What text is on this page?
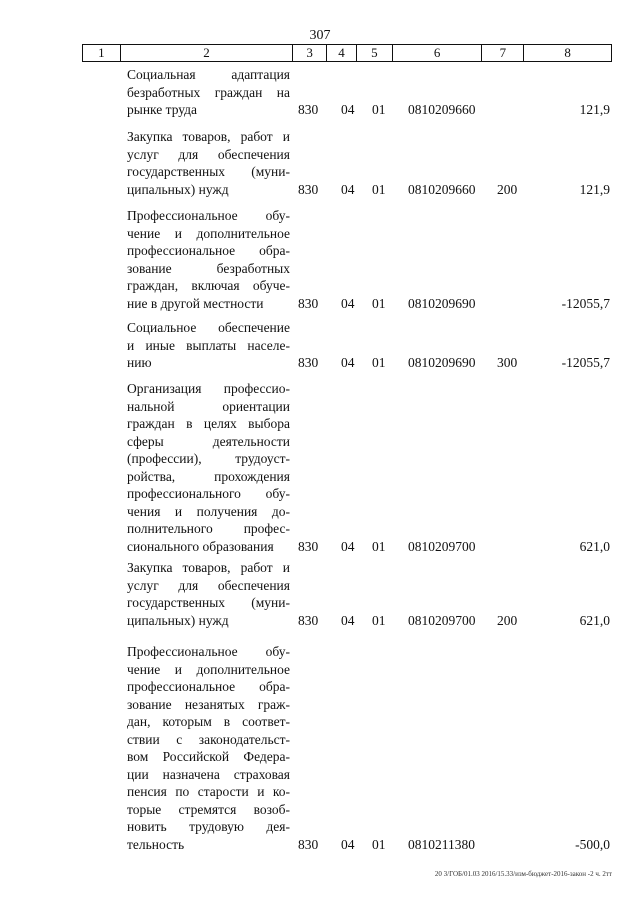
307
1	2	3	4	5	6	7	8
Социальная адаптация
безработных граждан на
рынке труда	830 04 01 0810209660	121,9
Закупка товаров, работ и
услуг для обеспечения
государственных (муни-
ципальных) нужд	830 04 01 0810209660 200	121,9
Профессиональное обу-
чение и дополнительное
профессиональное обра-
зование безработных
граждан, включая обуче-
ние в другой местности	830 04 01 0810209690	-12055,7
Социальное обеспечение
и иные выплаты населе-
нию	830 04 01 0810209690 300	-12055,7
Организация профессио-
нальной ориентации
граждан в целях выбора
сферы деятельности
(профессии), трудоуст-
ройства, прохождения
профессионального обу-
чения и получения до-
полнительного профес-
сионального образования	830 04 01 0810209700	621,0
Закупка товаров, работ и
услуг для обеспечения
государственных (муни-
ципальных) нужд	830 04 01 0810209700 200	621,0
Профессиональное обу-
чение и дополнительное
профессиональное обра-
зование незанятых граж-
дан, которым в соответ-
ствии с законодательст-
вом Российской Федера-
ции назначена страховая
пенсия по старости и ко-
торые стремятся возоб-
новить трудовую дея-
тельность	830 04 01 0810211380	-500,0
20 3/ГОБ/01.03 2016/15.33/изм-бюджет-2016-закон -2 ч. 2тт
